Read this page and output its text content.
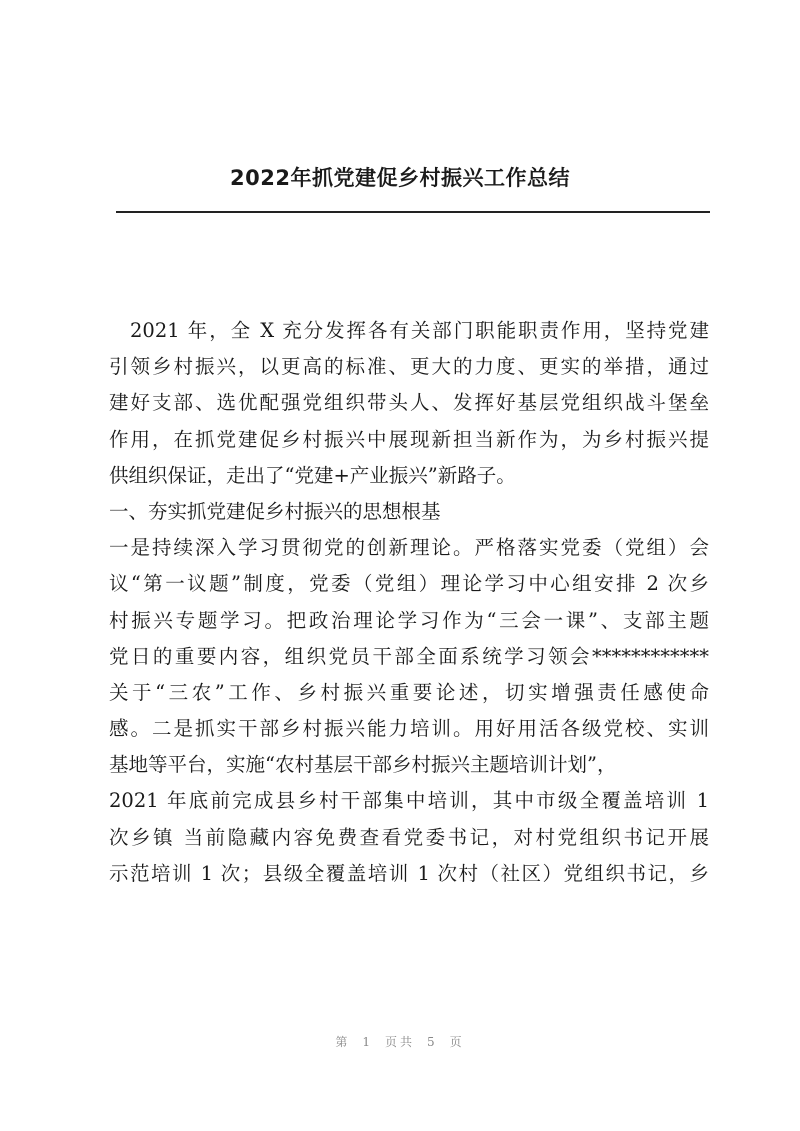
2022年抓党建促乡村振兴工作总结
2021 年，全 X 充分发挥各有关部门职能职责作用，坚持党建
引领乡村振兴，以更高的标准、更大的力度、更实的举措，通过
建好支部、选优配强党组织带头人、发挥好基层党组织战斗堡垒
作用，在抓党建促乡村振兴中展现新担当新作为，为乡村振兴提
供组织保证，走出了“党建+产业振兴”新路子。
一、夯实抓党建促乡村振兴的思想根基
一是持续深入学习贯彻党的创新理论。严格落实党委（党组）会
议“第一议题”制度，党委（党组）理论学习中心组安排 2 次乡
村振兴专题学习。把政治理论学习作为“三会一课”、支部主题
党日的重要内容，组织党员干部全面系统学习领会************
关于“三农”工作、乡村振兴重要论述，切实增强责任感使命
感。二是抓实干部乡村振兴能力培训。用好用活各级党校、实训
基地等平台，实施“农村基层干部乡村振兴主题培训计划”，
2021 年底前完成县乡村干部集中培训，其中市级全覆盖培训 1
次乡镇 当前隐藏内容免费查看党委书记，对村党组织书记开展
示范培训 1 次；县级全覆盖培训 1 次村（社区）党组织书记，乡
第 1 页共 5 页
